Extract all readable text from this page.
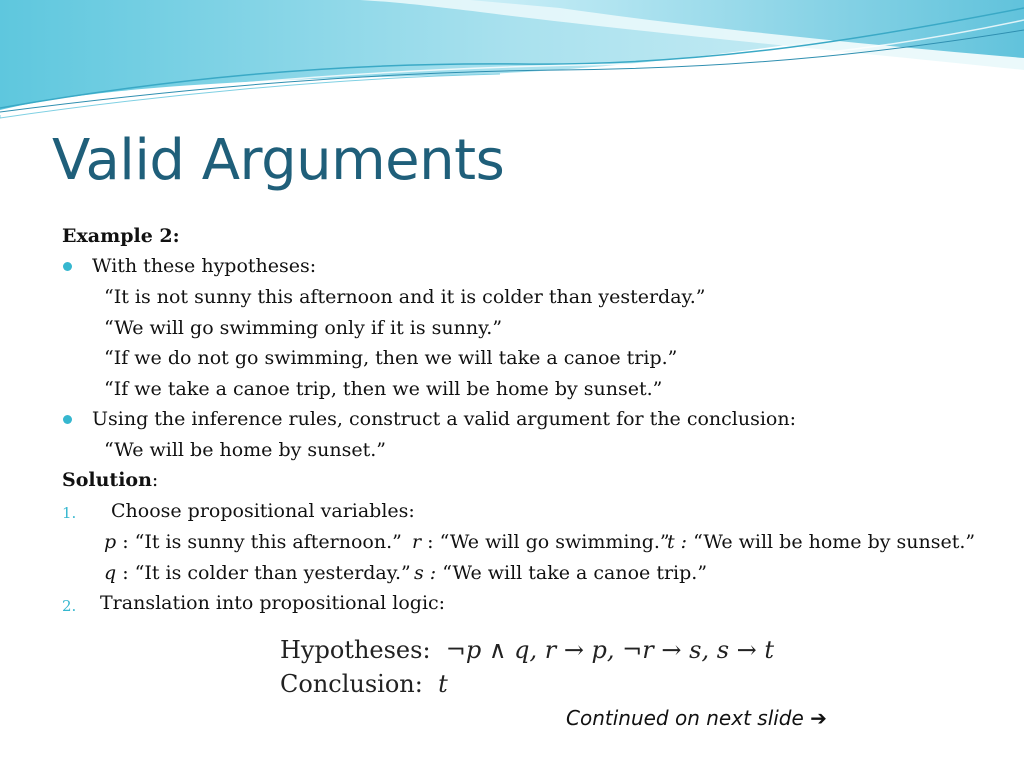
Valid Arguments
Example 2:
With these hypotheses:
“It is not sunny this afternoon and it is colder than yesterday.”
“We will go swimming only if it is sunny.”
“If we do not go swimming, then we will take a canoe trip.”
“If we take a canoe trip, then we will be home by sunset.”
Using the inference rules, construct a valid argument for the conclusion:
“We will be home by sunset.”
Solution:
1. Choose propositional variables:
p : “It is sunny this afternoon.” r : “We will go swimming.”
t : “We will be home by sunset.”
q : “It is colder than yesterday.” s : “We will take a canoe trip.”
2. Translation into propositional logic:
Hypotheses: ¬p ∧ q, r → p, ¬r → s, s → t
Conclusion: t
Continued on next slide ➔
